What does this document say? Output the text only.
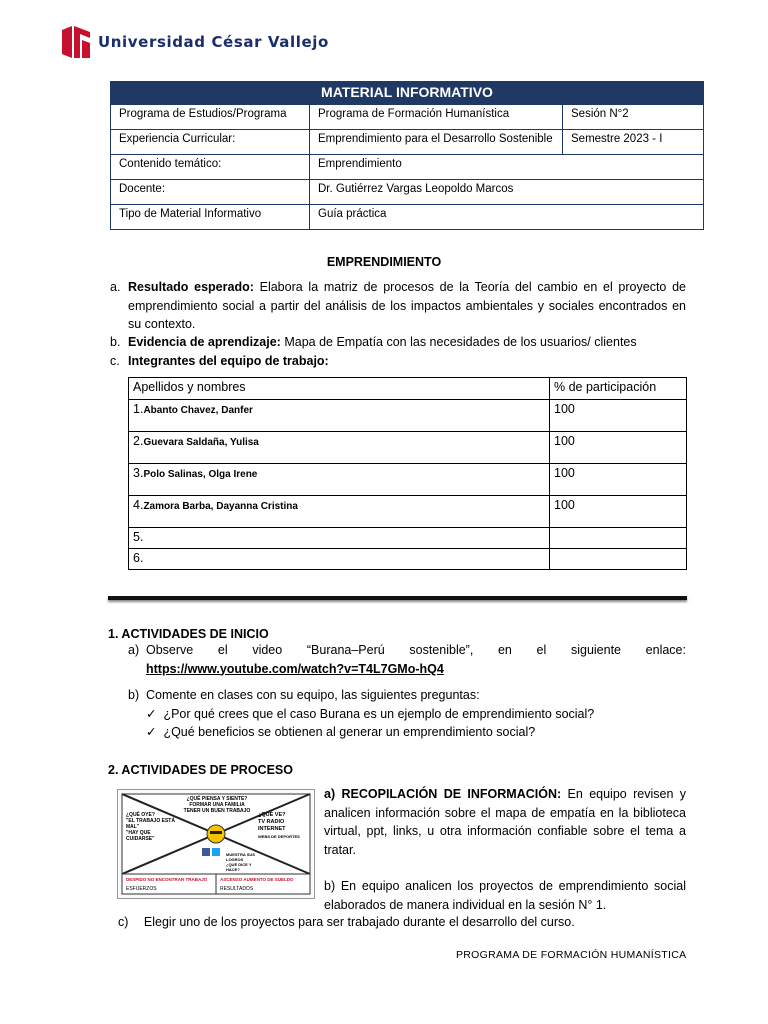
Universidad César Vallejo
MATERIAL INFORMATIVO		
Programa de Estudios/Programa	Programa de Formación Humanística	Sesión N°2
Experiencia Curricular:	Emprendimiento para el Desarrollo Sostenible	Semestre 2023 - I
Contenido temático:	Emprendimiento	
Docente:	Dr. Gutiérrez Vargas Leopoldo Marcos	
Tipo de Material Informativo	Guía práctica	
EMPRENDIMIENTO
a. Resultado esperado: Elabora la matriz de procesos de la Teoría del cambio en el proyecto de emprendimiento social a partir del análisis de los impactos ambientales y sociales encontrados en su contexto.
b. Evidencia de aprendizaje: Mapa de Empatía con las necesidades de los usuarios/ clientes
c. Integrantes del equipo de trabajo:
Apellidos y nombres	% de participación
1.Abanto Chavez, Danfer	100
2.Guevara Saldaña, Yulisa	100
3.Polo Salinas, Olga Irene	100
4.Zamora Barba, Dayanna Cristina	100
5.	
6.	
1. ACTIVIDADES DE INICIO
a) Observe el video “Burana–Perú sostenible”, en el siguiente enlace:
https://www.youtube.com/watch?v=T4L7GMo-hQ4
b) Comente en clases con su equipo, las siguientes preguntas:
✓ ¿Por qué crees que el caso Burana es un ejemplo de emprendimiento social?
✓ ¿Qué beneficios se obtienen al generar un emprendimiento social?
2. ACTIVIDADES DE PROCESO
¿QUÉ PIENSA Y SIENTE?
FORMAR UNA FAMILIA
TENER UN BUEN TRABAJO
¿QUÉ OYE?
"EL TRABAJO ESTÁ MAL"
"HAY QUE CUIDARSE"
¿QUÉ VE?
TV RADIO
INTERNET
WEBS DE DEPORTES
MUESTRA SUS LOGROS
¿QUÉ DICE Y HACE?
DESPIDO NO ENCONTRAR TRABAJO
ESFUERZOS
ASCENSO AUMENTO DE SUELDO
RESULTADOS
a) RECOPILACIÓN DE INFORMACIÓN: En equipo revisen y analicen información sobre el mapa de empatía en la biblioteca virtual, ppt, links, u otra información confiable sobre el tema a tratar.
b) En equipo analicen los proyectos de emprendimiento social elaborados de manera individual en la sesión N° 1.
c) Elegir uno de los proyectos para ser trabajado durante el desarrollo del curso.
PROGRAMA DE FORMACIÓN HUMANÍSTICA
